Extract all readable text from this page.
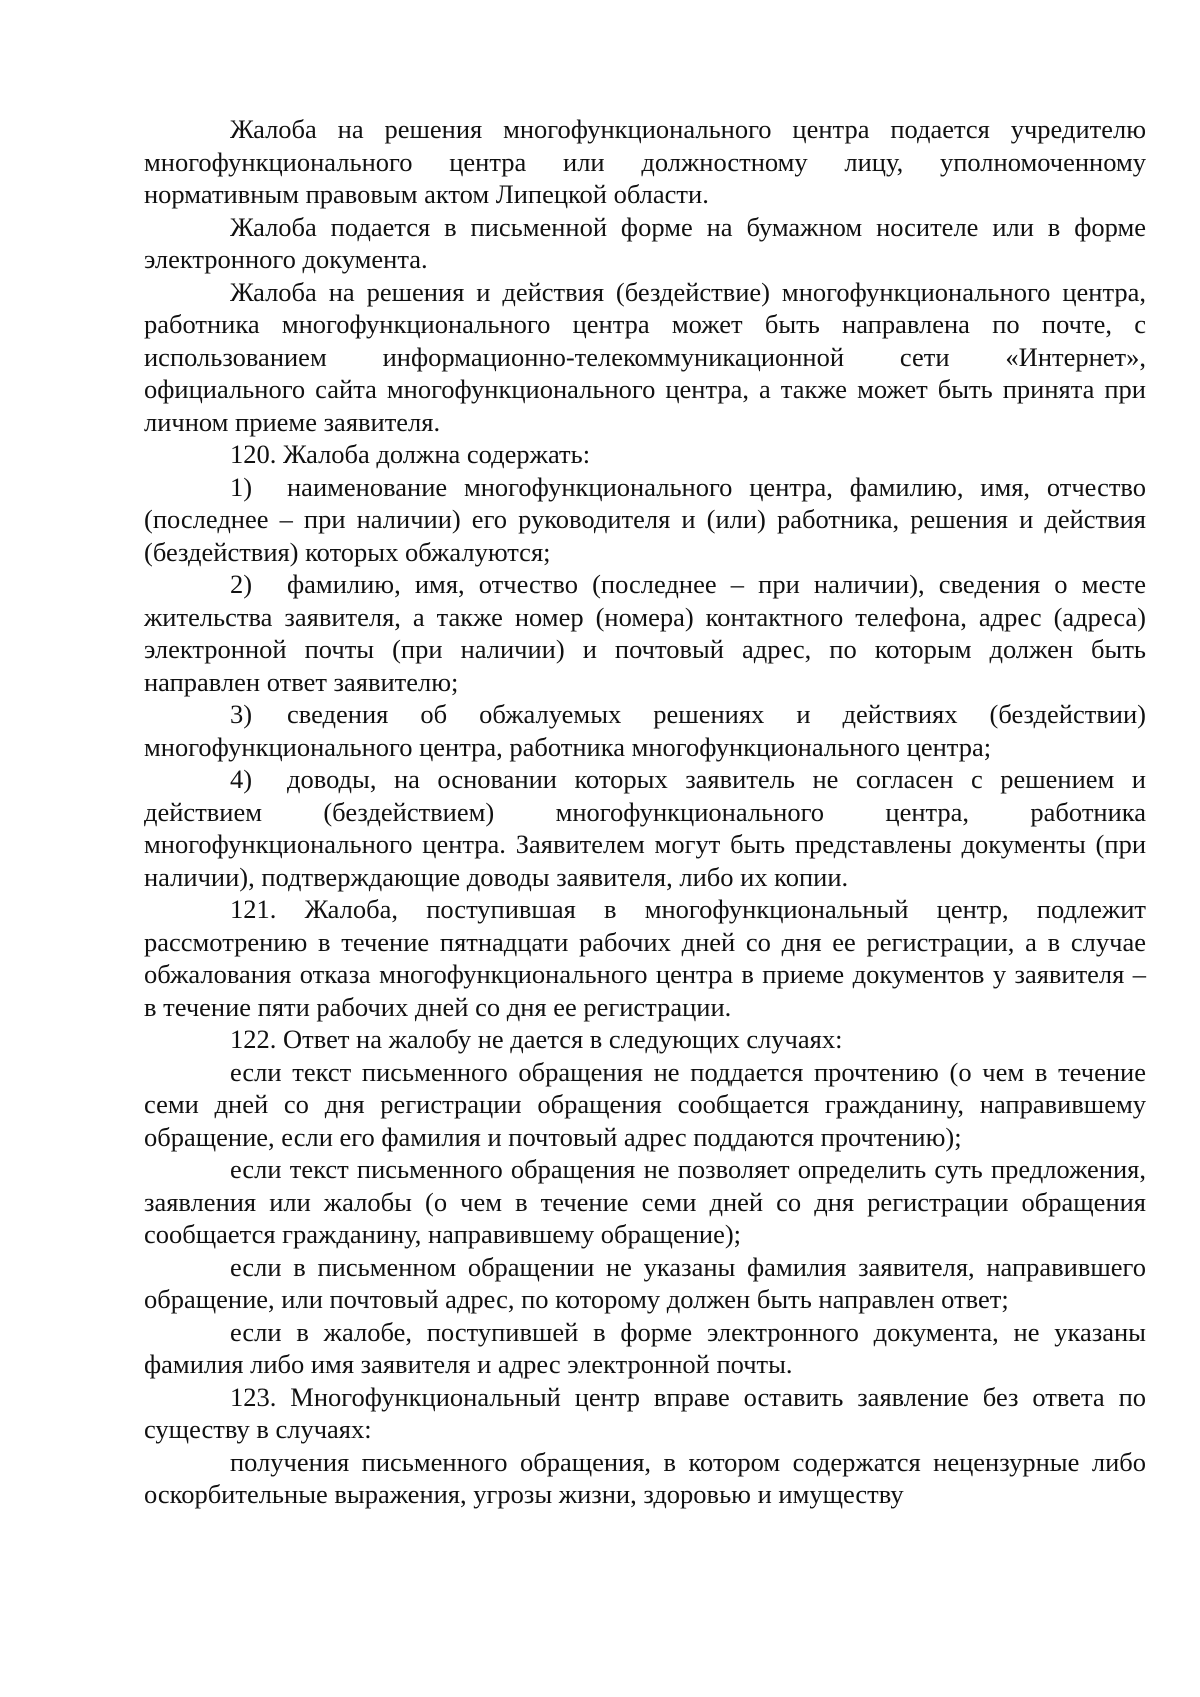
Жалоба на решения многофункционального центра подается учредителю многофункционального центра или должностному лицу, уполномоченному нормативным правовым актом Липецкой области.

Жалоба подается в письменной форме на бумажном носителе или в форме электронного документа.

Жалоба на решения и действия (бездействие) многофункционального центра, работника многофункционального центра может быть направлена по почте, с использованием информационно-телекоммуникационной сети «Интернет», официального сайта многофункционального центра, а также может быть принята при личном приеме заявителя.

120. Жалоба должна содержать:

1) наименование многофункционального центра, фамилию, имя, отчество (последнее – при наличии) его руководителя и (или) работника, решения и действия (бездействия) которых обжалуются;

2) фамилию, имя, отчество (последнее – при наличии), сведения о месте жительства заявителя, а также номер (номера) контактного телефона, адрес (адреса) электронной почты (при наличии) и почтовый адрес, по которым должен быть направлен ответ заявителю;

3) сведения об обжалуемых решениях и действиях (бездействии) многофункционального центра, работника многофункционального центра;

4) доводы, на основании которых заявитель не согласен с решением и действием (бездействием) многофункционального центра, работника многофункционального центра. Заявителем могут быть представлены документы (при наличии), подтверждающие доводы заявителя, либо их копии.

121. Жалоба, поступившая в многофункциональный центр, подлежит рассмотрению в течение пятнадцати рабочих дней со дня ее регистрации, а в случае обжалования отказа многофункционального центра в приеме документов у заявителя – в течение пяти рабочих дней со дня ее регистрации.

122. Ответ на жалобу не дается в следующих случаях:

если текст письменного обращения не поддается прочтению (о чем в течение семи дней со дня регистрации обращения сообщается гражданину, направившему обращение, если его фамилия и почтовый адрес поддаются прочтению);

если текст письменного обращения не позволяет определить суть предложения, заявления или жалобы (о чем в течение семи дней со дня регистрации обращения сообщается гражданину, направившему обращение);

если в письменном обращении не указаны фамилия заявителя, направившего обращение, или почтовый адрес, по которому должен быть направлен ответ;

если в жалобе, поступившей в форме электронного документа, не указаны фамилия либо имя заявителя и адрес электронной почты.

123. Многофункциональный центр вправе оставить заявление без ответа по существу в случаях:

получения письменного обращения, в котором содержатся нецензурные либо оскорбительные выражения, угрозы жизни, здоровью и имуществу
